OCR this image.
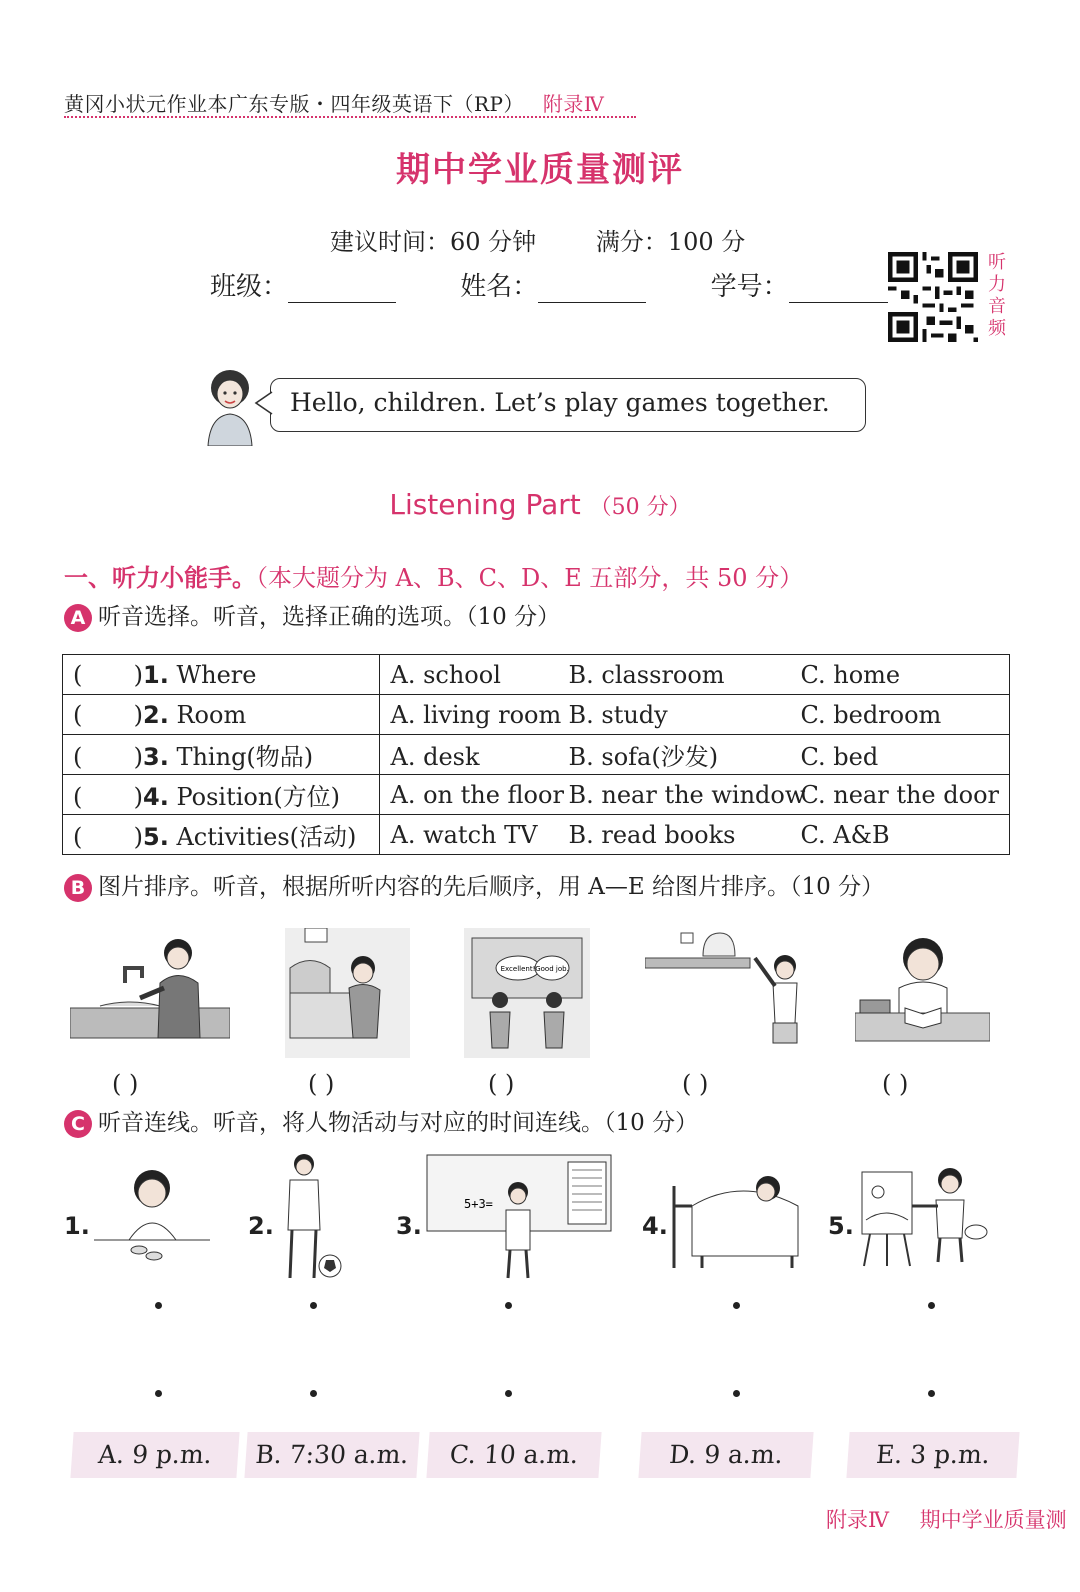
黄冈小状元作业本广东专版・四年级英语下（RP） 附录Ⅳ
期中学业质量测评
建议时间：60 分钟 满分：100 分
班级：	姓名：	学号：
听力音频
Hello, children. Let’s play games together.
Listening Part （50 分）
一、听力小能手。（本大题分为 A、B、C、D、E 五部分，共 50 分）
A 听音选择。听音，选择正确的选项。（10 分）
( ) 1. Where	A. school B. classroom C. home
( ) 2. Room	A. living room B. study C. bedroom
( ) 3. Thing(物品)	A. desk B. sofa(沙发) C. bed
( ) 4. Position(方位)	A. on the floor B. near the windowC. near the door
( ) 5. Activities(活动)	A. watch TV B. read books C. A&B
B 图片排序。听音，根据所听内容的先后顺序，用 A—E 给图片排序。（10 分）
Excellent! Good job.
( )	( )	( )	( )	( )
C 听音连线。听音，将人物活动与对应的时间连线。（10 分）
1.	2.	3.	4.	5.
5+3=
A. 9 p.m.	B. 7:30 a.m.	C. 10 a.m.	D. 9 a.m.	E. 3 p.m.
附录Ⅳ 期中学业质量测
